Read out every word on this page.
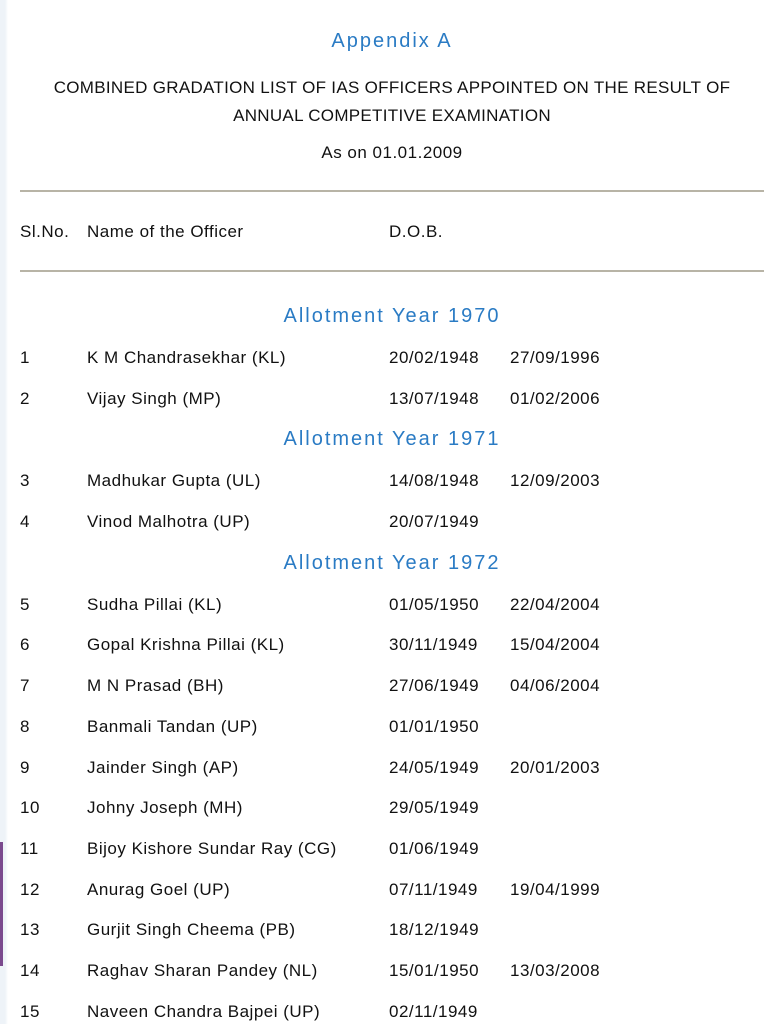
Appendix A
COMBINED GRADATION LIST OF IAS OFFICERS APPOINTED ON THE RESULT OF
ANNUAL COMPETITIVE EXAMINATION
As on 01.01.2009
Sl.No. Name of the Officer	D.O.B.
Allotment Year 1970
1	K M Chandrasekhar (KL)	20/02/1948 27/09/1996
2	Vijay Singh (MP)	13/07/1948 01/02/2006
Allotment Year 1971
3	Madhukar Gupta (UL)	14/08/1948 12/09/2003
4	Vinod Malhotra (UP)	20/07/1949
Allotment Year 1972
5	Sudha Pillai (KL)	01/05/1950 22/04/2004
6	Gopal Krishna Pillai (KL)	30/11/1949 15/04/2004
7	M N Prasad (BH)	27/06/1949 04/06/2004
8	Banmali Tandan (UP)	01/01/1950
9	Jainder Singh (AP)	24/05/1949 20/01/2003
10	Johny Joseph (MH)	29/05/1949
11	Bijoy Kishore Sundar Ray (CG)	01/06/1949
12	Anurag Goel (UP)	07/11/1949 19/04/1999
13	Gurjit Singh Cheema (PB)	18/12/1949
14	Raghav Sharan Pandey (NL)	15/01/1950 13/03/2008
15	Naveen Chandra Bajpei (UP)	02/11/1949
